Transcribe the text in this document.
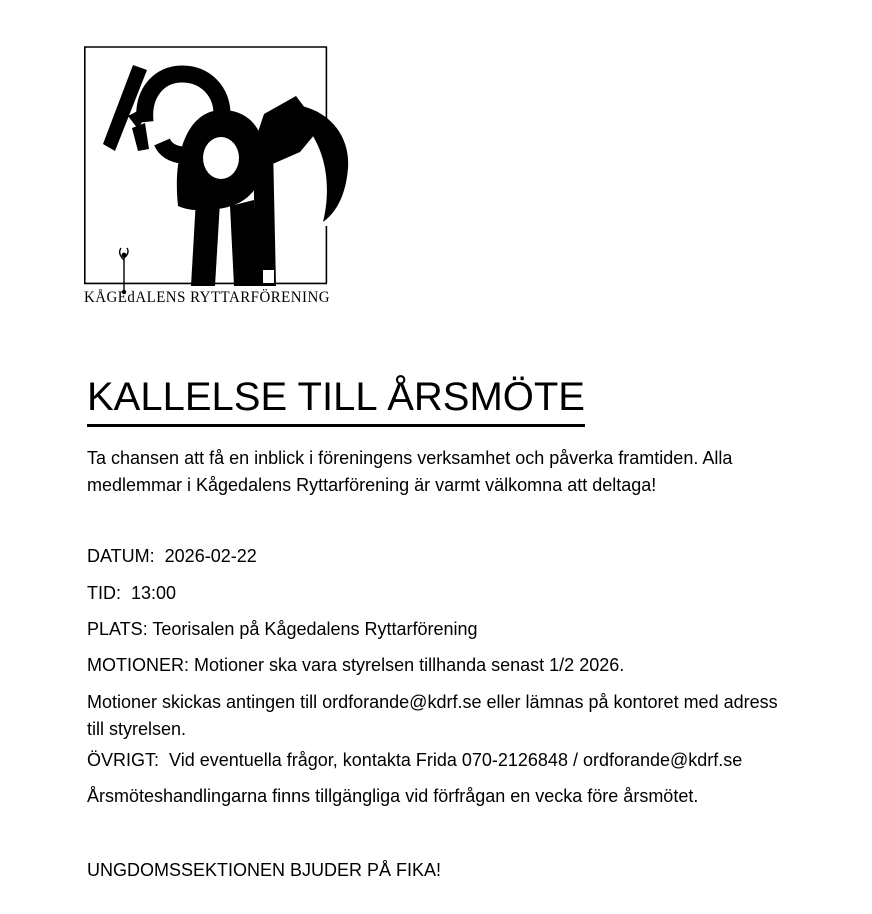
KÅGEdALENS RYTTARFÖRENING
KALLELSE TILL ÅRSMÖTE

Ta chansen att få en inblick i föreningens verksamhet och påverka framtiden. Alla medlemmar i Kågedalens Ryttarförening är varmt välkomna att deltaga!

DATUM:  2026-02-22

TID:  13:00

PLATS: Teorisalen på Kågedalens Ryttarförening

MOTIONER: Motioner ska vara styrelsen tillhanda senast 1/2 2026.

Motioner skickas antingen till ordforande@kdrf.se eller lämnas på kontoret med adress till styrelsen.

ÖVRIGT:  Vid eventuella frågor, kontakta Frida 070-2126848 / ordforande@kdrf.se

Årsmöteshandlingarna finns tillgängliga vid förfrågan en vecka före årsmötet.

UNGDOMSSEKTIONEN BJUDER PÅ FIKA!
